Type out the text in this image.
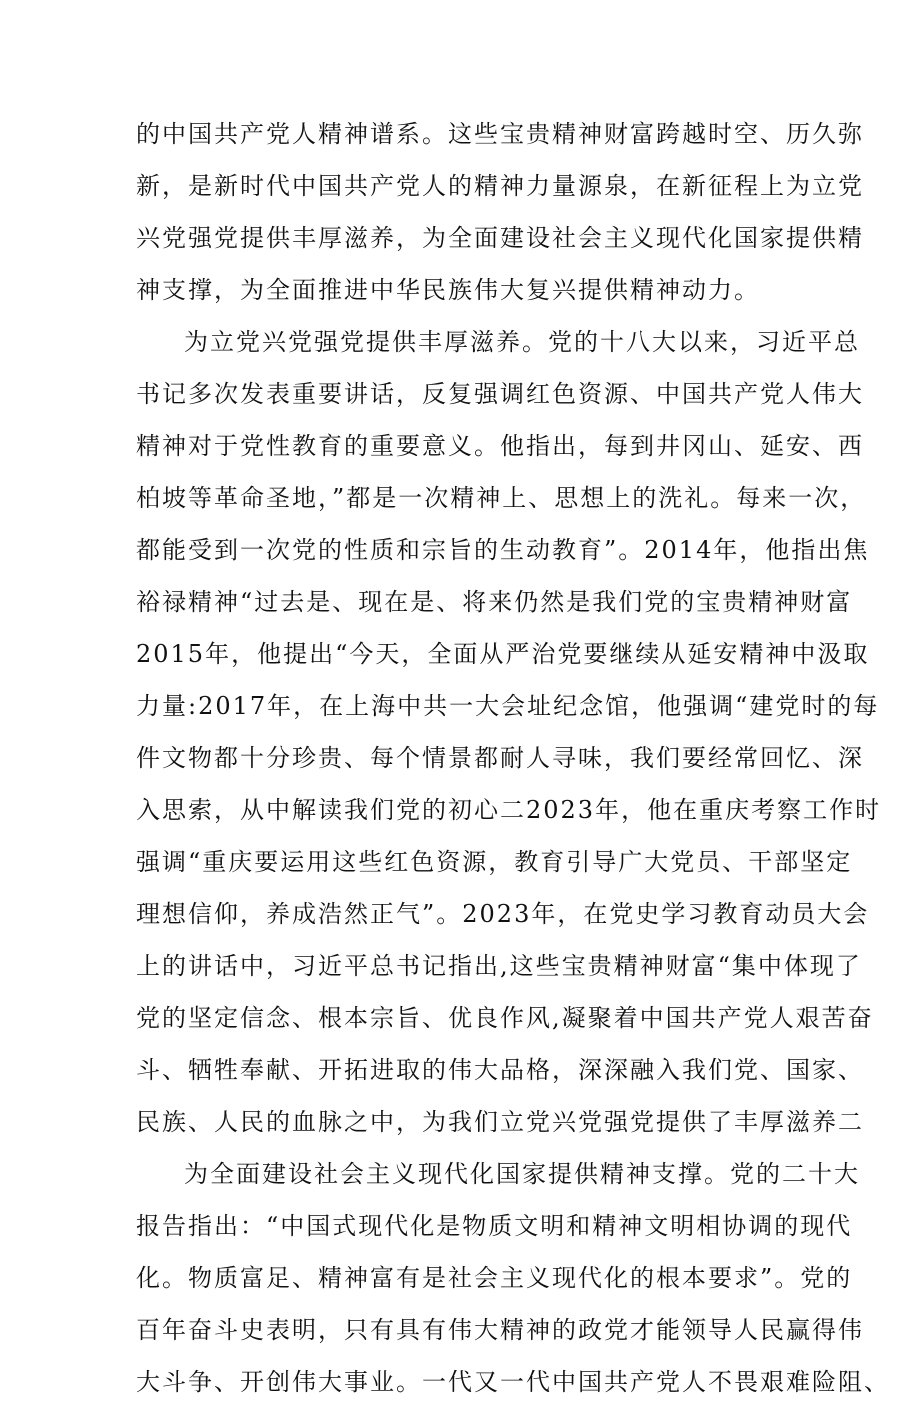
的中国共产党人精神谱系。这些宝贵精神财富跨越时空、历久弥
新，是新时代中国共产党人的精神力量源泉，在新征程上为立党
兴党强党提供丰厚滋养，为全面建设社会主义现代化国家提供精
神支撑，为全面推进中华民族伟大复兴提供精神动力。
为立党兴党强党提供丰厚滋养。党的十八大以来，习近平总
书记多次发表重要讲话，反复强调红色资源、中国共产党人伟大
精神对于党性教育的重要意义。他指出，每到井冈山、延安、西
柏坡等革命圣地，”都是一次精神上、思想上的洗礼。每来一次，
都能受到一次党的性质和宗旨的生动教育”。2014年，他指出焦
裕禄精神“过去是、现在是、将来仍然是我们党的宝贵精神财富
2015年，他提出“今天，全面从严治党要继续从延安精神中汲取
力量:2017年，在上海中共一大会址纪念馆，他强调“建党时的每
件文物都十分珍贵、每个情景都耐人寻味，我们要经常回忆、深
入思索，从中解读我们党的初心二2023年，他在重庆考察工作时
强调“重庆要运用这些红色资源，教育引导广大党员、干部坚定
理想信仰，养成浩然正气”。2023年，在党史学习教育动员大会
上的讲话中，习近平总书记指出,这些宝贵精神财富“集中体现了
党的坚定信念、根本宗旨、优良作风,凝聚着中国共产党人艰苦奋
斗、牺牲奉献、开拓进取的伟大品格，深深融入我们党、国家、
民族、人民的血脉之中，为我们立党兴党强党提供了丰厚滋养二
为全面建设社会主义现代化国家提供精神支撑。党的二十大
报告指出：“中国式现代化是物质文明和精神文明相协调的现代
化。物质富足、精神富有是社会主义现代化的根本要求”。党的
百年奋斗史表明，只有具有伟大精神的政党才能领导人民赢得伟
大斗争、开创伟大事业。一代又一代中国共产党人不畏艰难险阻、
